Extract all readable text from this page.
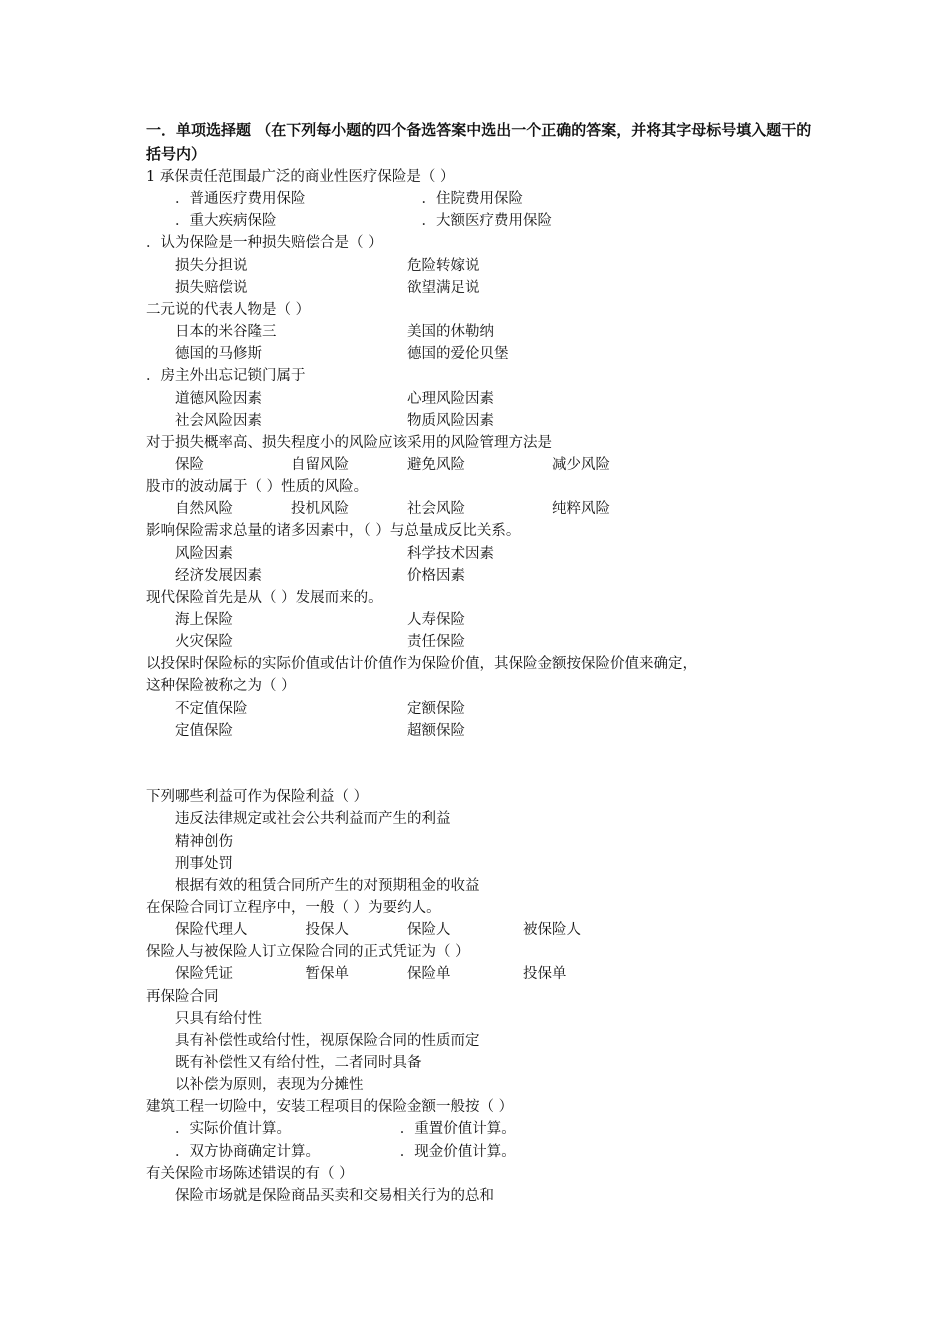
一．单项选择题 （在下列每小题的四个备选答案中选出一个正确的答案，并将其字母标号填入题干的括号内）
1 承保责任范围最广泛的商业性医疗保险是（ ）
．普通医疗费用保险　　　　　　　　．住院费用保险
．重大疾病保险　　　　　　　　　　．大额医疗费用保险
．认为保险是一种损失赔偿合是（ ）
损失分担说　　　　　　　　　　　危险转嫁说
损失赔偿说　　　　　　　　　　　欲望满足说
二元说的代表人物是（ ）
日本的米谷隆三　　　　　　　　　美国的休勒纳
德国的马修斯　　　　　　　　　　德国的爱伦贝堡
．房主外出忘记锁门属于
道德风险因素　　　　　　　　　　心理风险因素
社会风险因素　　　　　　　　　　物质风险因素
对于损失概率高、损失程度小的风险应该采用的风险管理方法是
保险　　　　　　自留风险　　　　避免风险　　　　　　减少风险
股市的波动属于（ ）性质的风险。
自然风险　　　　投机风险　　　　社会风险　　　　　　纯粹风险
影响保险需求总量的诸多因素中，（ ）与总量成反比关系。
风险因素　　　　　　　　　　　　科学技术因素
经济发展因素　　　　　　　　　　价格因素
现代保险首先是从（ ）发展而来的。
海上保险　　　　　　　　　　　　人寿保险
火灾保险　　　　　　　　　　　　责任保险
以投保时保险标的实际价值或估计价值作为保险价值，其保险金额按保险价值来确定，
这种保险被称之为（ ）
不定值保险　　　　　　　　　　　定额保险
定值保险　　　　　　　　　　　　超额保险
下列哪些利益可作为保险利益（ ）
违反法律规定或社会公共利益而产生的利益
精神创伤
刑事处罚
根据有效的租赁合同所产生的对预期租金的收益
在保险合同订立程序中，一般（ ）为要约人。
保险代理人　　　　投保人　　　　保险人　　　　　被保险人
保险人与被保险人订立保险合同的正式凭证为（ ）
保险凭证　　　　　暂保单　　　　保险单　　　　　投保单
再保险合同
只具有给付性
具有补偿性或给付性，视原保险合同的性质而定
既有补偿性又有给付性，二者同时具备
以补偿为原则，表现为分摊性
建筑工程一切险中，安装工程项目的保险金额一般按（ ）
．实际价值计算。　　　　　　　　．重置价值计算。
．双方协商确定计算。　　　　　　．现金价值计算。
有关保险市场陈述错误的有（ ）
保险市场就是保险商品买卖和交易相关行为的总和
